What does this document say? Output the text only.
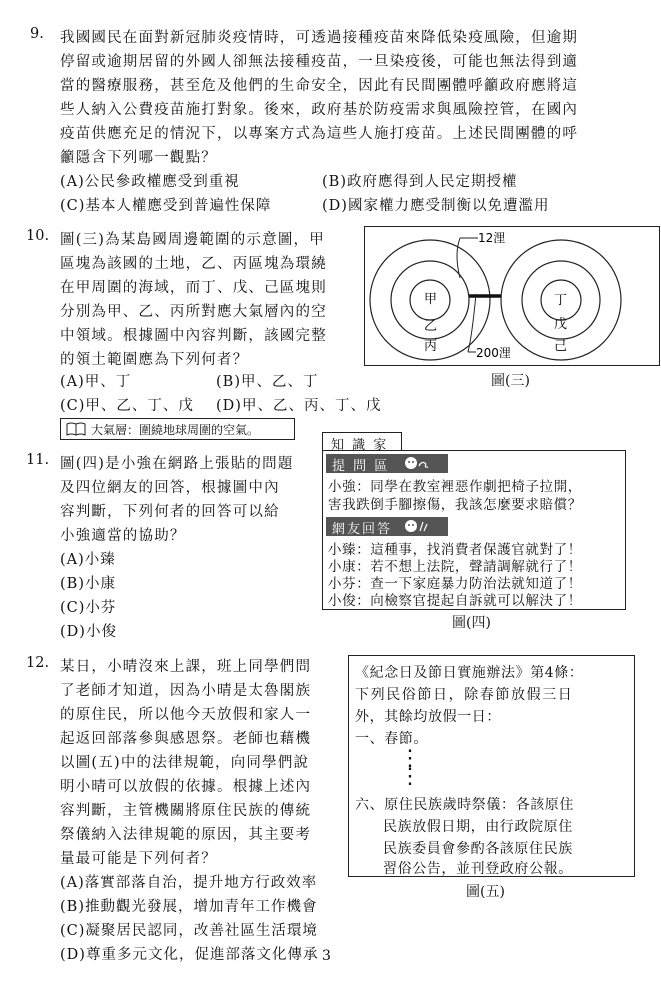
9. 我國國民在面對新冠肺炎疫情時，可透過接種疫苗來降低染疫風險，但逾期
停留或逾期居留的外國人卻無法接種疫苗，一旦染疫後，可能也無法得到適
當的醫療服務，甚至危及他們的生命安全，因此有民間團體呼籲政府應將這
些人納入公費疫苗施打對象。後來，政府基於防疫需求與風險控管，在國內
疫苗供應充足的情況下，以專案方式為這些人施打疫苗。上述民間團體的呼
籲隱含下列哪一觀點？
(A)公民參政權應受到重視	(B)政府應得到人民定期授權
(C)基本人權應受到普遍性保障	(D)國家權力應受制衡以免遭濫用
10. 圖(三)為某島國周邊範圍的示意圖，甲
區塊為該國的土地，乙、丙區塊為環繞
在甲周圍的海域，而丁、戊、己區塊則
分別為甲、乙、丙所對應大氣層內的空
中領域。根據圖中內容判斷，該國完整
的領土範圍應為下列何者？
(A)甲、丁	(B)甲、乙、丁
(C)甲、乙、丁、戊 (D)甲、乙、丙、丁、戊
大氣層：圍繞地球周圍的空氣。
12浬
200浬
甲
乙
丙
丁
戊
己
圖(三)
11. 圖(四)是小強在網路上張貼的問題
及四位網友的回答，根據圖中內
容判斷，下列何者的回答可以給
小強適當的協助？
(A)小臻
(B)小康
(C)小芬
(D)小俊
知 識 家
提 問 區
小強：同學在教室裡惡作劇把椅子拉開，
害我跌倒手腳擦傷，我該怎麼要求賠償？
網友回答
小臻：這種事，找消費者保護官就對了！
小康：若不想上法院，聲請調解就行了！
小芬：查一下家庭暴力防治法就知道了！
小俊：向檢察官提起自訴就可以解決了！
圖(四)
12. 某日，小晴沒來上課，班上同學們問
了老師才知道，因為小晴是太魯閣族
的原住民，所以他今天放假和家人一
起返回部落參與感恩祭。老師也藉機
以圖(五)中的法律規範，向同學們說
明小晴可以放假的依據。根據上述內
容判斷，主管機關將原住民族的傳統
祭儀納入法律規範的原因，其主要考
量最可能是下列何者？
(A)落實部落自治，提升地方行政效率
(B)推動觀光發展，增加青年工作機會
(C)凝聚居民認同，改善社區生活環境
(D)尊重多元文化，促進部落文化傳承
《紀念日及節日實施辦法》第4條：
下列民俗節日，除春節放假三日
外，其餘均放假一日：
一、春節。
⋮
⋮
六、原住民族歲時祭儀：各該原住
民族放假日期，由行政院原住
民族委員會參酌各該原住民族
習俗公告，並刊登政府公報。
圖(五)
3
